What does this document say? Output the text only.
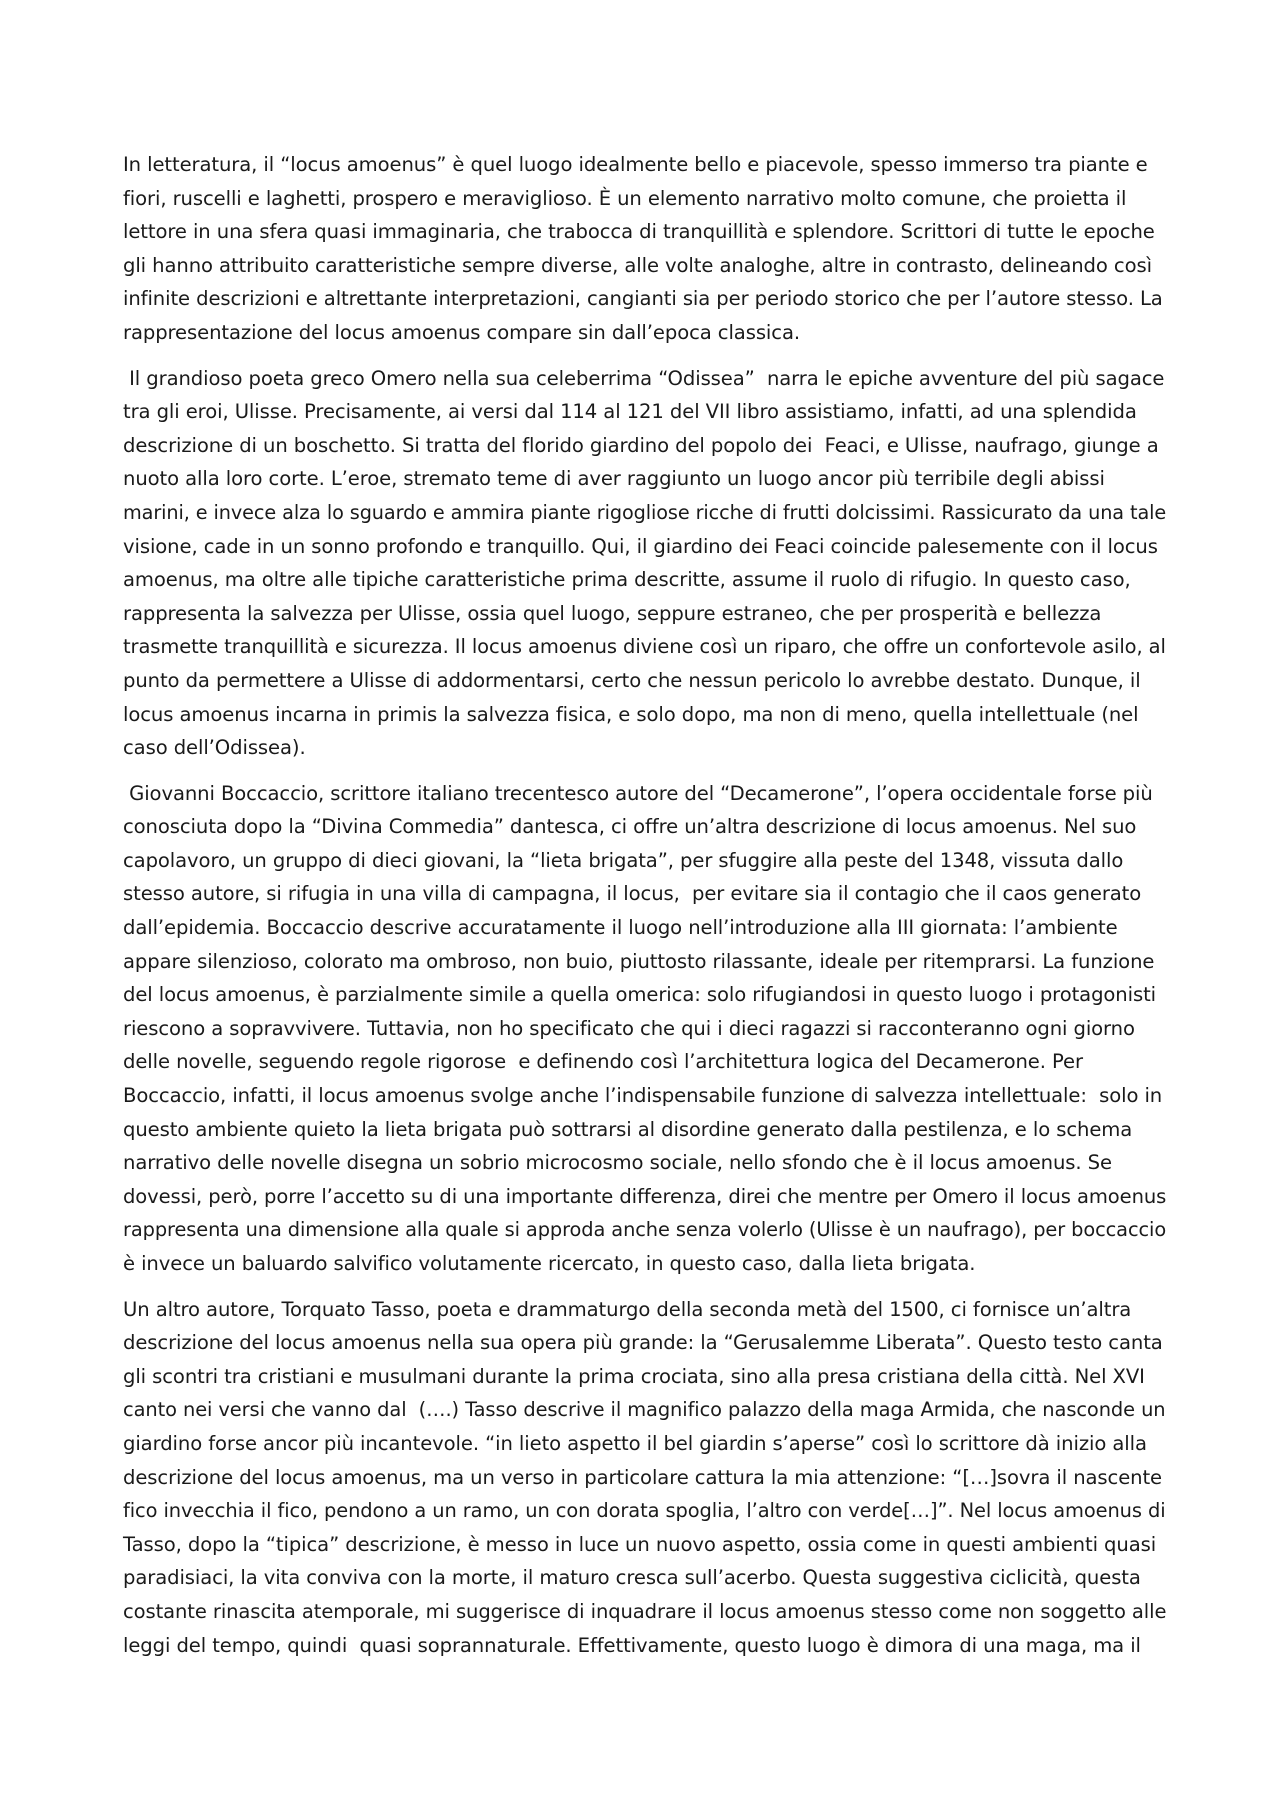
In letteratura, il “locus amoenus” è quel luogo idealmente bello e piacevole, spesso immerso tra piante e
fiori, ruscelli e laghetti, prospero e meraviglioso. È un elemento narrativo molto comune, che proietta il
lettore in una sfera quasi immaginaria, che trabocca di tranquillità e splendore. Scrittori di tutte le epoche
gli hanno attribuito caratteristiche sempre diverse, alle volte analoghe, altre in contrasto, delineando così
infinite descrizioni e altrettante interpretazioni, cangianti sia per periodo storico che per l’autore stesso. La
rappresentazione del locus amoenus compare sin dall’epoca classica.

Il grandioso poeta greco Omero nella sua celeberrima “Odissea”  narra le epiche avventure del più sagace
tra gli eroi, Ulisse. Precisamente, ai versi dal 114 al 121 del VII libro assistiamo, infatti, ad una splendida
descrizione di un boschetto. Si tratta del florido giardino del popolo dei  Feaci, e Ulisse, naufrago, giunge a
nuoto alla loro corte. L’eroe, stremato teme di aver raggiunto un luogo ancor più terribile degli abissi
marini, e invece alza lo sguardo e ammira piante rigogliose ricche di frutti dolcissimi. Rassicurato da una tale
visione, cade in un sonno profondo e tranquillo. Qui, il giardino dei Feaci coincide palesemente con il locus
amoenus, ma oltre alle tipiche caratteristiche prima descritte, assume il ruolo di rifugio. In questo caso,
rappresenta la salvezza per Ulisse, ossia quel luogo, seppure estraneo, che per prosperità e bellezza
trasmette tranquillità e sicurezza. Il locus amoenus diviene così un riparo, che offre un confortevole asilo, al
punto da permettere a Ulisse di addormentarsi, certo che nessun pericolo lo avrebbe destato. Dunque, il
locus amoenus incarna in primis la salvezza fisica, e solo dopo, ma non di meno, quella intellettuale (nel
caso dell’Odissea).

Giovanni Boccaccio, scrittore italiano trecentesco autore del “Decamerone”, l’opera occidentale forse più
conosciuta dopo la “Divina Commedia” dantesca, ci offre un’altra descrizione di locus amoenus. Nel suo
capolavoro, un gruppo di dieci giovani, la “lieta brigata”, per sfuggire alla peste del 1348, vissuta dallo
stesso autore, si rifugia in una villa di campagna, il locus,  per evitare sia il contagio che il caos generato
dall’epidemia. Boccaccio descrive accuratamente il luogo nell’introduzione alla III giornata: l’ambiente
appare silenzioso, colorato ma ombroso, non buio, piuttosto rilassante, ideale per ritemprarsi. La funzione
del locus amoenus, è parzialmente simile a quella omerica: solo rifugiandosi in questo luogo i protagonisti
riescono a sopravvivere. Tuttavia, non ho specificato che qui i dieci ragazzi si racconteranno ogni giorno
delle novelle, seguendo regole rigorose  e definendo così l’architettura logica del Decamerone. Per
Boccaccio, infatti, il locus amoenus svolge anche l’indispensabile funzione di salvezza intellettuale:  solo in
questo ambiente quieto la lieta brigata può sottrarsi al disordine generato dalla pestilenza, e lo schema
narrativo delle novelle disegna un sobrio microcosmo sociale, nello sfondo che è il locus amoenus. Se
dovessi, però, porre l’accetto su di una importante differenza, direi che mentre per Omero il locus amoenus
rappresenta una dimensione alla quale si approda anche senza volerlo (Ulisse è un naufrago), per boccaccio
è invece un baluardo salvifico volutamente ricercato, in questo caso, dalla lieta brigata.

Un altro autore, Torquato Tasso, poeta e drammaturgo della seconda metà del 1500, ci fornisce un’altra
descrizione del locus amoenus nella sua opera più grande: la “Gerusalemme Liberata”. Questo testo canta
gli scontri tra cristiani e musulmani durante la prima crociata, sino alla presa cristiana della città. Nel XVI
canto nei versi che vanno dal  (….) Tasso descrive il magnifico palazzo della maga Armida, che nasconde un
giardino forse ancor più incantevole. “in lieto aspetto il bel giardin s’aperse” così lo scrittore dà inizio alla
descrizione del locus amoenus, ma un verso in particolare cattura la mia attenzione: “[…]sovra il nascente
fico invecchia il fico, pendono a un ramo, un con dorata spoglia, l’altro con verde[…]”. Nel locus amoenus di
Tasso, dopo la “tipica” descrizione, è messo in luce un nuovo aspetto, ossia come in questi ambienti quasi
paradisiaci, la vita conviva con la morte, il maturo cresca sull’acerbo. Questa suggestiva ciclicità, questa
costante rinascita atemporale, mi suggerisce di inquadrare il locus amoenus stesso come non soggetto alle
leggi del tempo, quindi  quasi soprannaturale. Effettivamente, questo luogo è dimora di una maga, ma il
